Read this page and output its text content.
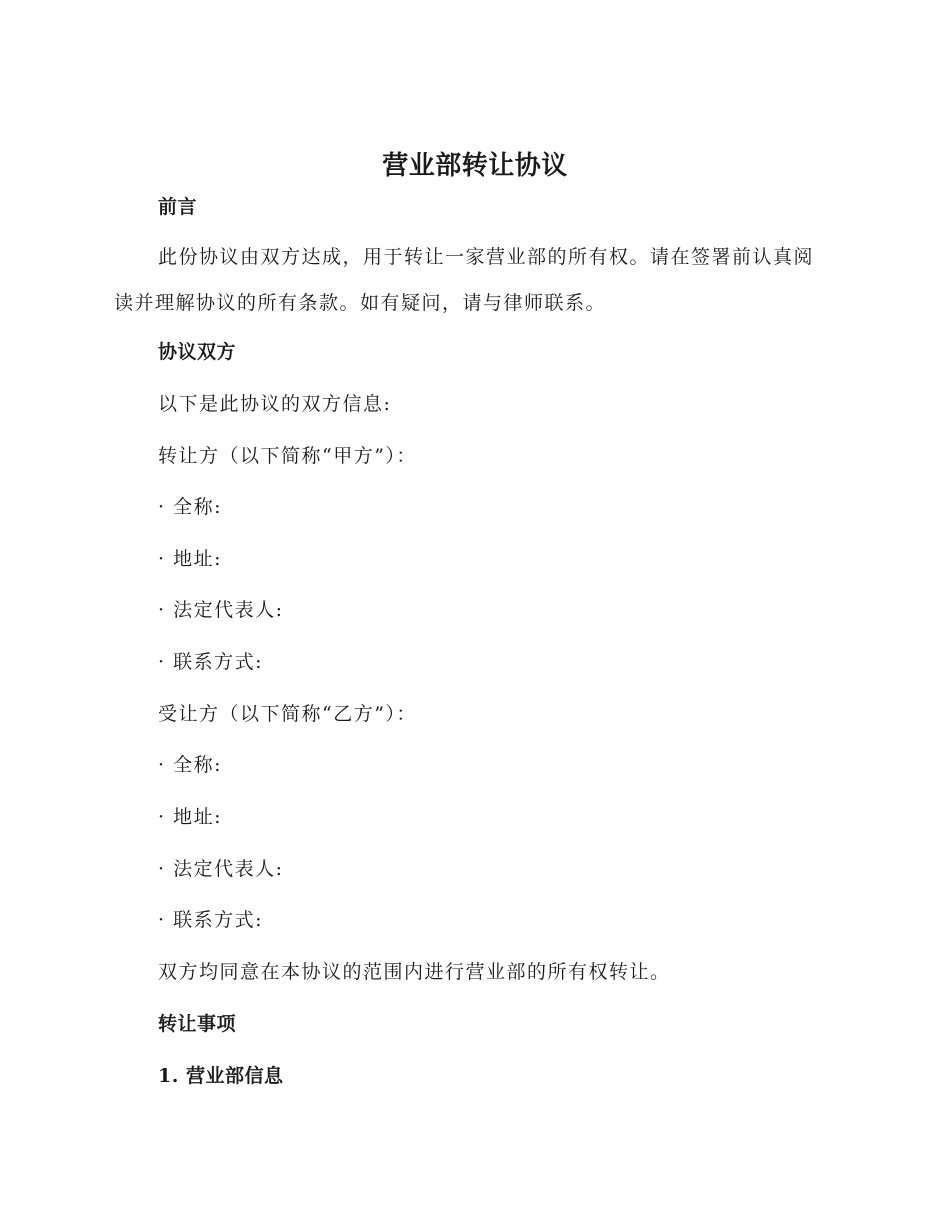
营业部转让协议
前言

此份协议由双方达成，用于转让一家营业部的所有权。请在签署前认真阅读并理解协议的所有条款。如有疑问，请与律师联系。

协议双方

以下是此协议的双方信息:

转让方（以下简称“甲方”）：

· 全称:

· 地址:

· 法定代表人:

· 联系方式:

受让方（以下简称“乙方”）：

· 全称:

· 地址:

· 法定代表人:

· 联系方式:

双方均同意在本协议的范围内进行营业部的所有权转让。

转让事项
1. 营业部信息
